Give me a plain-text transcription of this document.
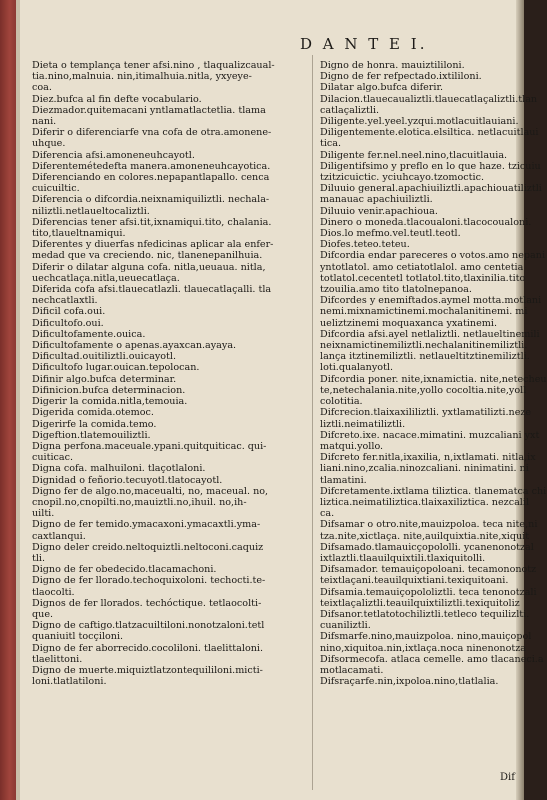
D A N T E I.
Dieta o templança tener afsi.nino , tlaqualizcaual-
tia.nino,malnuia. nin,itimalhuia.nitla, yxyeye-
coa.
Diez.bufca al fin defte vocabulario.
Diezmador.quitemacani yntlamatlactetlia. tlama
nani.
Diferir o diferenciarfe vna cofa de otra.amonene-
uhque.
Diferencia afsi.amoneneuhcayotl.
Diferentemétedefta manera.amoneneuhcayotica.
Diferenciando en colores.nepapantlapallo. cenca
cuicuiltic.
Diferencia o difcordia.neixnamiquiliztli. nechala-
niliztli.netlaueltocaliztli.
Diferencias tener afsi.tit,ixnamiqui.tito, chalania.
tito,tlaueltnamiqui.
Diferentes y diuerfas nfedicinas aplicar ala enfer-
medad que va creciendo. nic, tlanenepanilhuia.
Diferir o dilatar alguna cofa. nitla,ueuaua. nitla,
uechcatlaça.nitla,ueuecatlaça.
Diferida cofa afsi.tlauecatlazli. tlauecatlaçalli. tla
nechcatlaxtli.
Dificil cofa.oui.
Dificultofo.oui.
Dificultofamente.ouica.
Dificultofamente o apenas.ayaxcan.ayaya.
Dificultad.ouitiliztli.ouicayotl.
Dificultofo lugar.ouican.tepolocan.
Difinir algo.bufca determinar.
Difinicion.bufca determinacion.
Digerir la comida.nitla,temouia.
Digerida comida.otemoc.
Digerirfe la comida.temo.
Digeftion.tlatemouiliztli.
Digna perfona.maceuale.ypani.quitquiticac. qui-
cuiticac.
Digna cofa. malhuiloni. tlaçotlaloni.
Dignidad o feñorio.tecuyotl.tlatocayotl.
Digno fer de algo.no,maceualti, no, maceual. no,
cnopil.no,cnopilti.no,mauiztli.no,ihuil. no,ih-
uilti.
Digno de fer temido.ymacaxoni.ymacaxtli.yma-
caxtlanqui.
Digno deler creido.neltoquiztli.neltoconi.caquiz
tli.
Digno de fer obedecido.tlacamachoni.
Digno de fer llorado.techoquixoloni. techocti.te-
tlaocolti.
Dignos de fer llorados. techóctique. tetlaocolti-
que.
Digno de caftigo.tlatzacuiltiloni.nonotzaloni.tetl
quaniuitl tocçiloni.
Digno de fer aborrecido.cocoliloni. tlaelittaloni.
tlaelittoni.
Digno de muerte.miquiztlatzontequililoni.micti-
loni.tlatlatiloni.
Digno de honra. mauiztililoni.
Digno de fer refpectado.ixtililoni.
Dilatar algo.bufca diferir.
Dilacion.tlauecaualiztli.tlauecatlaçaliztli.tlan
catlaçaliztli.
Diligente.yel.yeel.yzqui.motlacuitlauiani.
Diligentemente.elotica.elsiltica. netlacuitlaui
tica.
Diligente fer.nel.neel.nino,tlacuitlauia.
Diligentifsimo y preflo en lo que haze. tzicuiu
tzitzicuictic. yciuhcayo.tzomoctic.
Diluuio general.apachiuiliztli.apachiouatiliztli
manauac apachiuiliztli.
Diluuio venir.apachioua.
Dinero o moneda.tlacoualoni.tlacocoualoni.
Dios.lo mefmo.vel.teutl.teotl.
Diofes.teteo.teteu.
Difcordia endar pareceres o votos.amo nepani
yntotlatol. amo cetiatotlalol. amo centetia
totlatol.cecentetl totlatol.tito,tlaxinilia.tito
tzouilia.amo tito tlatolnepanoa.
Difcordes y enemiftados.aymel motta.motlani
nemi.mixnamictinemi.mochalanitinemi. mi
ueliztzinemi moquaxanca yxatinemi.
Difcordia afsi.ayel netlaliztli. netlaueltinemili
neixnamictinemiliztli.nechalanitinemiliztli.
lança itztinemiliztli. netlaueltitztinemiliztli.
loti.qualanyotl.
Difcordia poner. nite,ixnamictia. nite,netecheu
te,netechalania.nite,yollo cocoltia.nite,yoll
colotitia.
Difcrecion.tlaixaxililiztli. yxtlamatilizti.neze
liztli.neimatiliztli.
Difcreto.ixe. nacace.mimatini. muzcaliani yxt
matqui.yollo.
Difcreto fer.nitla,ixaxilia, n,ixtlamati. nitla,ix
liani.nino,zcalia.ninozcaliani. ninimatini. ni
tlamatini.
Difcretamente.ixtlama tiliztica. tlanematca chi
liztica.neimatiliztica.tlaixaxiliztica. nezcalil
ca.
Difsamar o otro.nite,mauizpoloa. teca nite,ni
tza.nite,xictlaça. nite,auilquixtia.nite,xiquit
Difsamado.tlamauicçopololli. ycanenonotzal
ixtlaztli.tlaauilquixtili.tlaxiquitolli.
Difsamador. temauiçopoloani. tecamononotz
teixtlaçani.teauilquixtiani.texiquitoani.
Difsamia.temauiçopololiztli. teca tenonotzali
teixtlaçaliztli.teauilquixtiliztli.texiquitoliz
Difsanor.tetlatotochiliztli.tetleco tequilizlti.
cuaniliztli.
Difsmarfe.nino,mauizpoloa. nino,mauiçopol
nino,xiquitoa.nin,ixtlaça.noca ninenonotza
Difsormecofa. atlaca cemelle. amo tlacaneci.a
motlacamati.
Difsraçarfe.nin,ixpoloa.nino,tlatlalia.
Dif
